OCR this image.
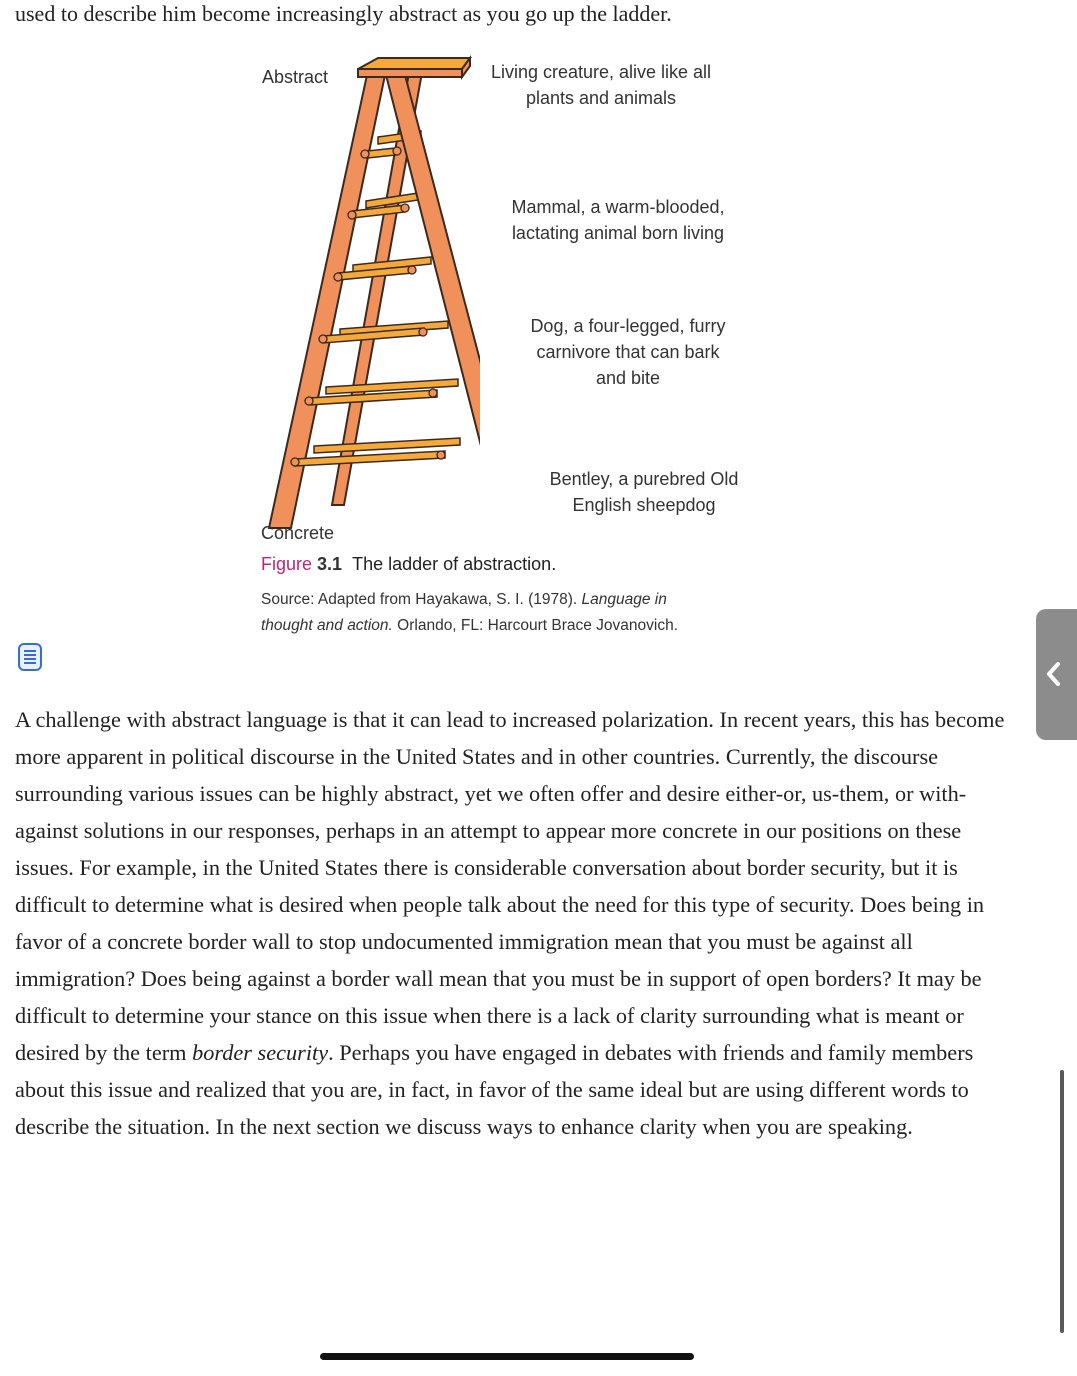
used to describe him become increasingly abstract as you go up the ladder.
Abstract	Living creature, alive like all
plants and animals
Mammal, a warm-blooded,
lactating animal born living
Dog, a four-legged, furry
carnivore that can bark
and bite
Bentley, a purebred Old
English sheepdog
Concrete
Figure 3.1 The ladder of abstraction.
Source: Adapted from Hayakawa, S. I. (1978). Language in
thought and action. Orlando, FL: Harcourt Brace Jovanovich.
A challenge with abstract language is that it can lead to increased polarization. In recent years, this has become more apparent in political discourse in the United States and in other countries. Currently, the discourse surrounding various issues can be highly abstract, yet we often offer and desire either-or, us-them, or with-against solutions in our responses, perhaps in an attempt to appear more concrete in our positions on these issues. For example, in the United States there is considerable conversation about border security, but it is difficult to determine what is desired when people talk about the need for this type of security. Does being in favor of a concrete border wall to stop undocumented immigration mean that you must be against all immigration? Does being against a border wall mean that you must be in support of open borders? It may be difficult to determine your stance on this issue when there is a lack of clarity surrounding what is meant or desired by the term border security. Perhaps you have engaged in debates with friends and family members about this issue and realized that you are, in fact, in favor of the same ideal but are using different words to describe the situation. In the next section we discuss ways to enhance clarity when you are speaking.
